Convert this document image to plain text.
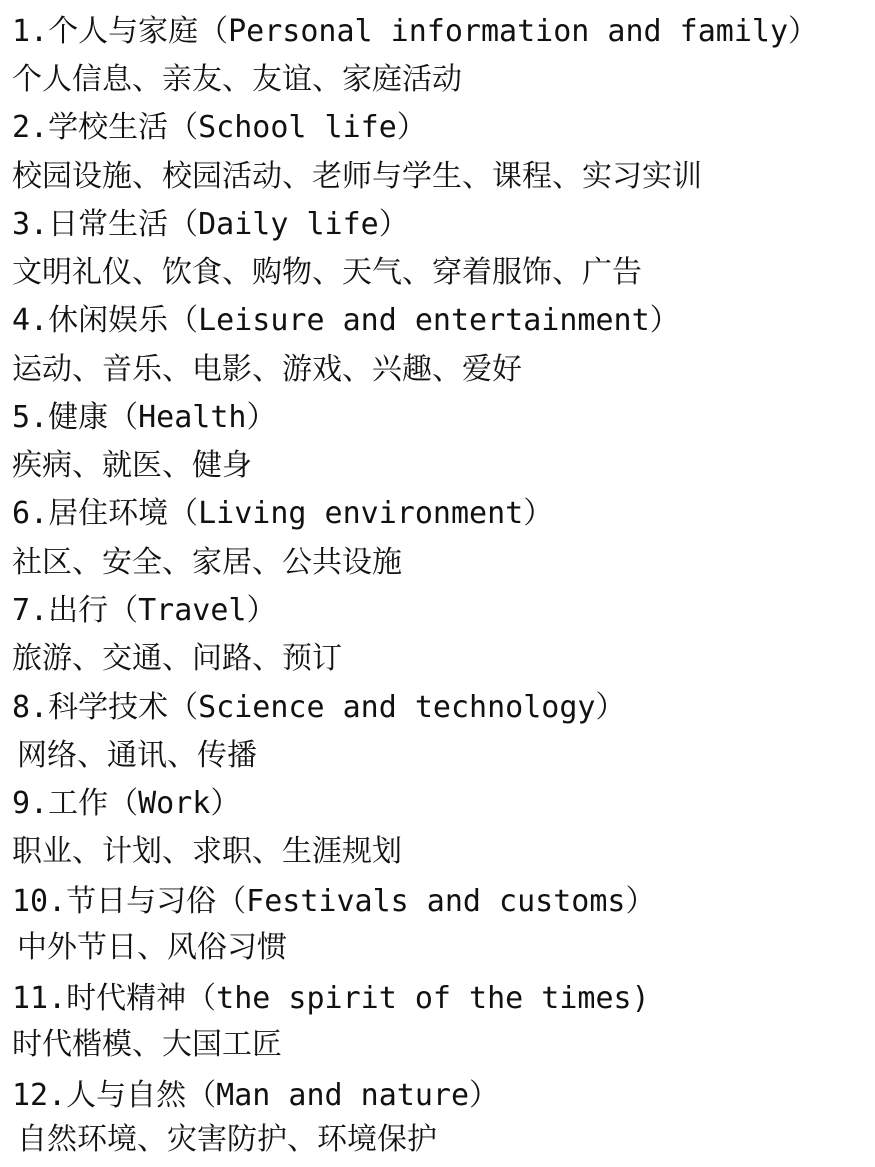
1.个人与家庭（Personal information and family）
个人信息、亲友、友谊、家庭活动
2.学校生活（School life）
校园设施、校园活动、老师与学生、课程、实习实训
3.日常生活（Daily life）
文明礼仪、饮食、购物、天气、穿着服饰、广告
4.休闲娱乐（Leisure and entertainment）
运动、音乐、电影、游戏、兴趣、爱好
5.健康（Health）
疾病、就医、健身
6.居住环境（Living environment）
社区、安全、家居、公共设施
7.出行（Travel）
旅游、交通、问路、预订
8.科学技术（Science and technology）
网络、通讯、传播
9.工作（Work）
职业、计划、求职、生涯规划
10.节日与习俗（Festivals and customs）
中外节日、风俗习惯
11.时代精神（the spirit of the times)
时代楷模、大国工匠
12.人与自然（Man and nature）
自然环境、灾害防护、环境保护
